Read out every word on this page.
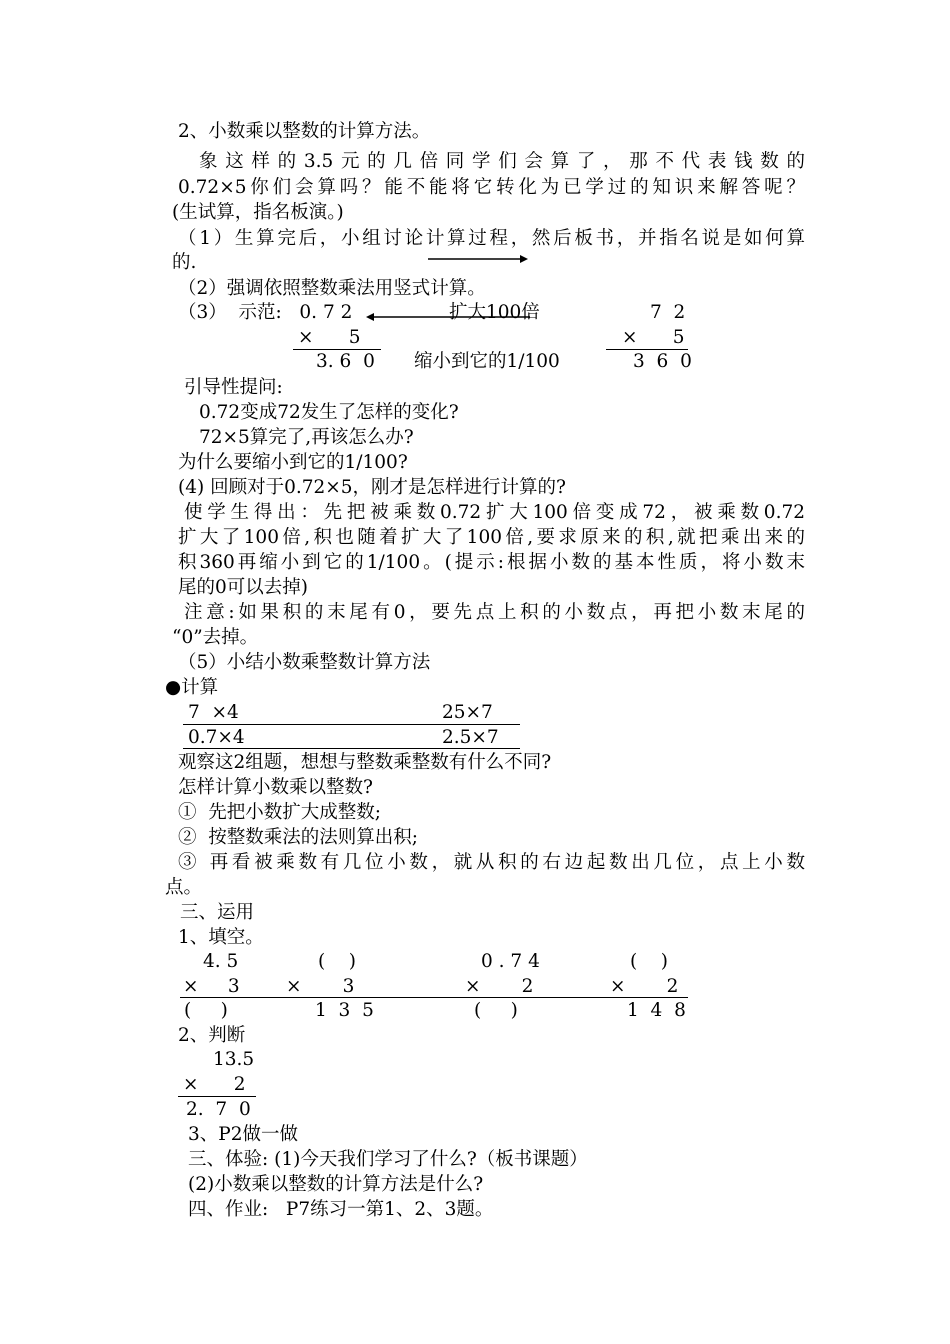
2、小数乘以整数的计算方法。
象这样的3.5元的几倍同学们会算了，那不代表钱数的
0.72×5你们会算吗？能不能将它转化为已学过的知识来解答呢？
(生试算，指名板演。)
（1）生算完后，小组讨论计算过程，然后板书，并指名说是如何算
的.
（2）强调依照整数乘法用竖式计算。
（3）  示范:   0. 7 2	扩大100倍	7  2
×      5	×      5
3. 6  0 缩小到它的1/100	3  6  0
引导性提问:
0.72变成72发生了怎样的变化?
72×5算完了,再该怎么办?
为什么要缩小到它的1/100?
(4) 回顾对于0.72×5，刚才是怎样进行计算的?
使学生得出：先把被乘数0.72扩大100倍变成72，被乘数0.72
扩大了100倍,积也随着扩大了100倍,要求原来的积,就把乘出来的
积360再缩小到它的1/100。(提示:根据小数的基本性质，将小数末
尾的0可以去掉)
注意:如果积的末尾有0，要先点上积的小数点，再把小数末尾的
“0”去掉。
（5）小结小数乘整数计算方法
●计算
7  ×4	25×7
0.7×4	2.5×7
观察这2组题，想想与整数乘整数有什么不同?
怎样计算小数乘以整数?
①  先把小数扩大成整数;
②  按整数乘法的法则算出积;
③ 再看被乘数有几位小数，就从积的右边起数出几位，点上小数
点。
三、运用
1、填空。
4. 5	(    )	0 . 7 4	(    )
×     3	×       3	×       2	×       2
(     )	1  3  5	(     )	1  4  8
2、判断
13.5
×      2
2.  7  0
3、P2做一做
三、体验: (1)今天我们学习了什么?（板书课题）
(2)小数乘以整数的计算方法是什么?
四、作业:   P7练习一第1、2、3题。
